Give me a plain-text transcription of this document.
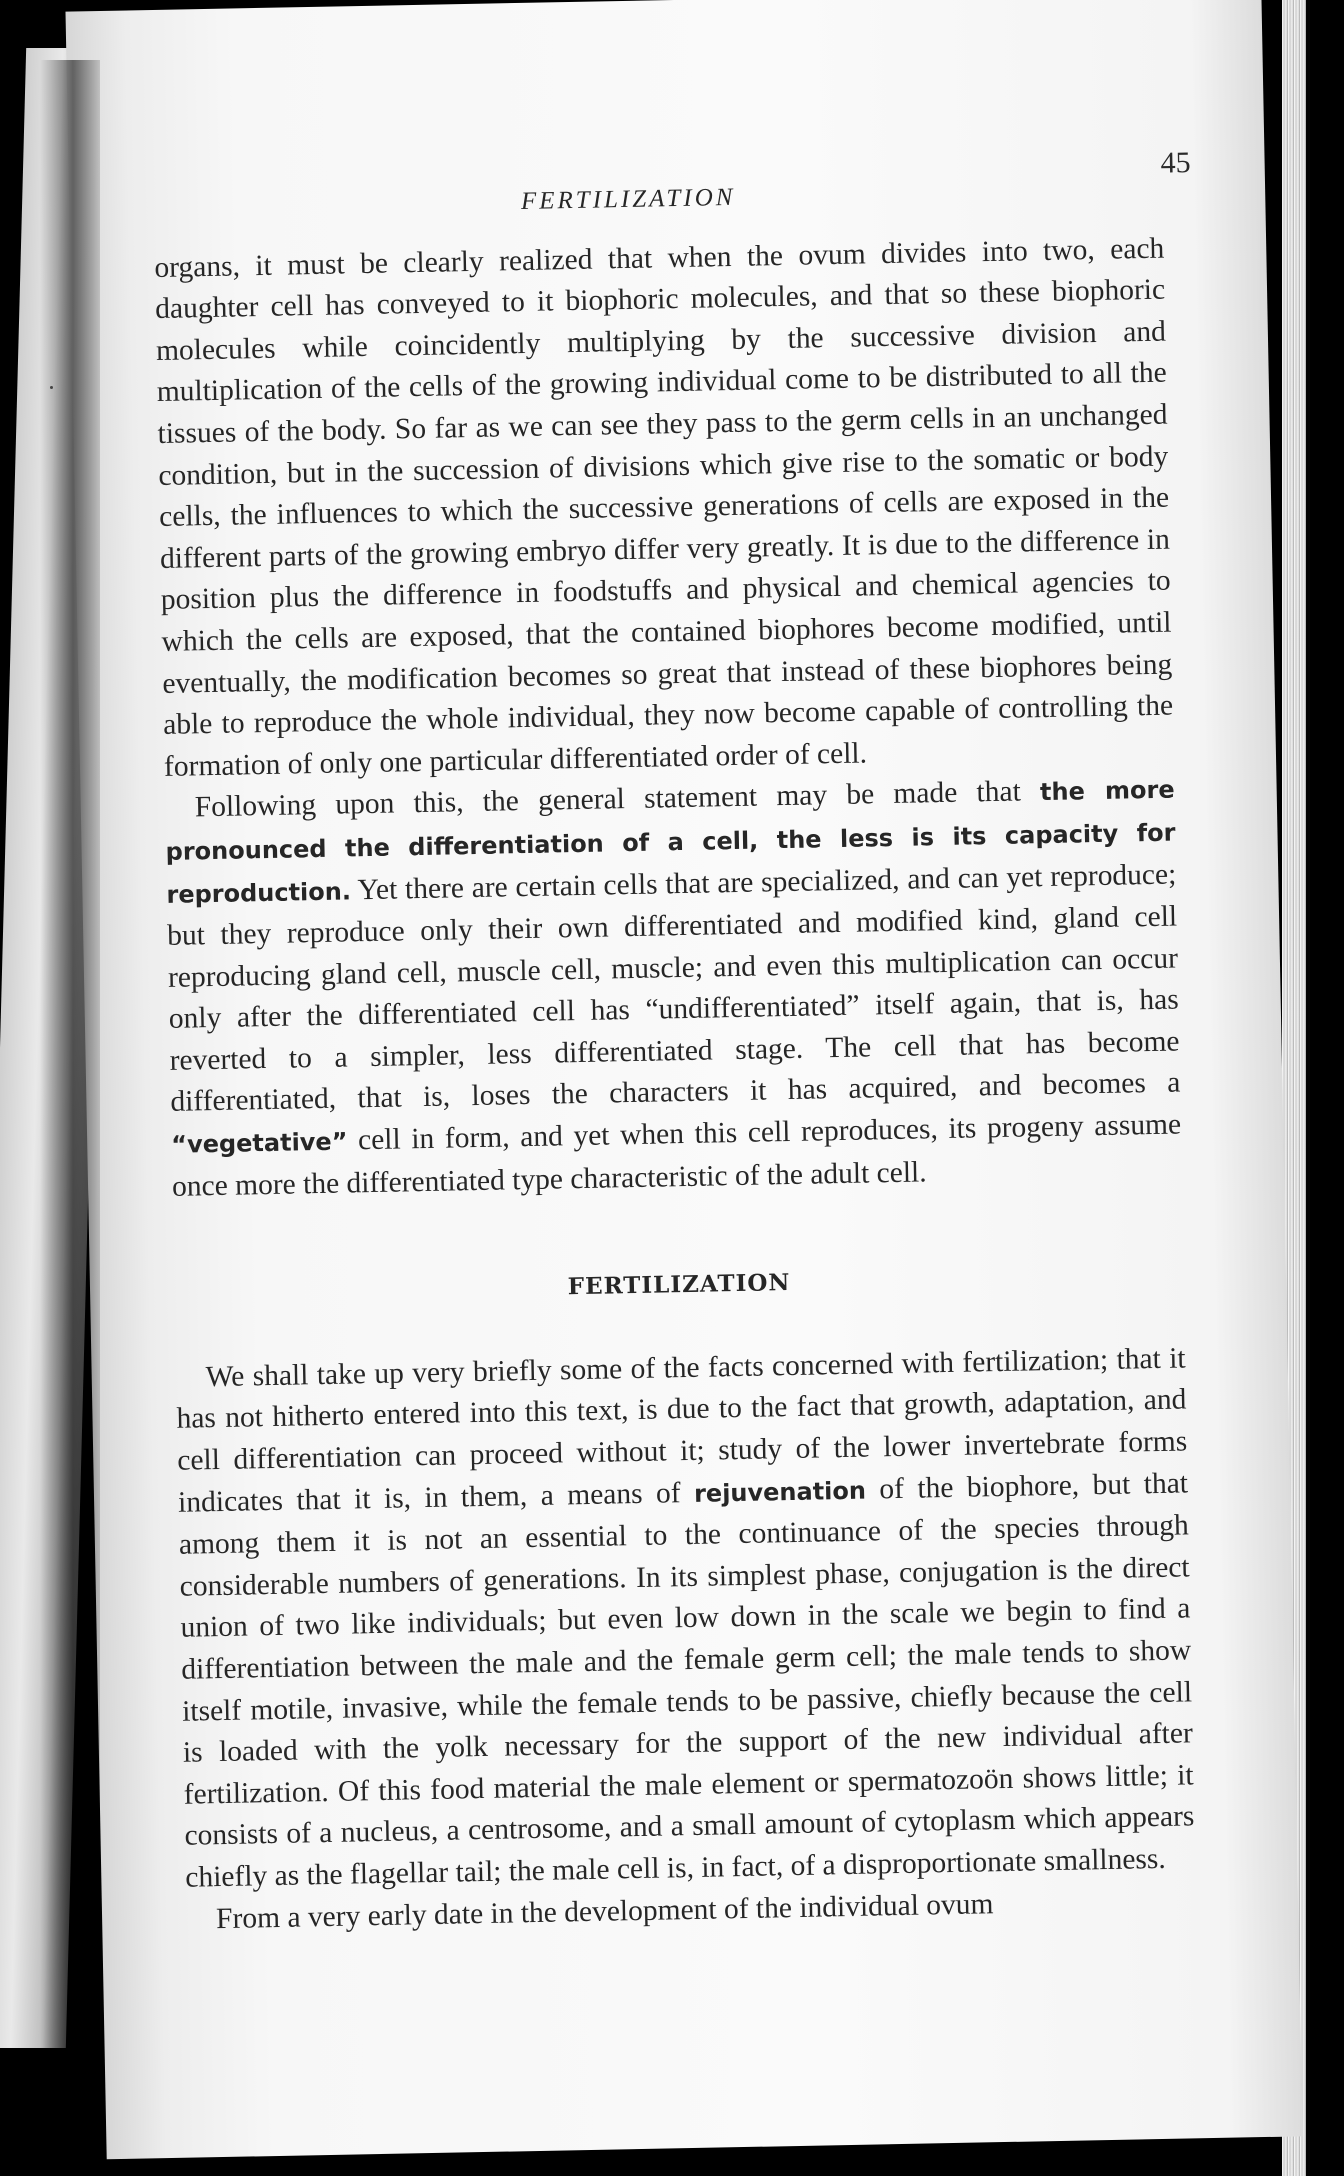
45
FERTILIZATION

organs, it must be clearly realized that when the ovum divides into two, each daughter cell has conveyed to it biophoric molecules, and that so these biophoric molecules while coincidently multiplying by the successive division and multiplication of the cells of the growing individual come to be distributed to all the tissues of the body. So far as we can see they pass to the germ cells in an unchanged condition, but in the succession of divisions which give rise to the somatic or body cells, the influences to which the successive generations of cells are exposed in the different parts of the growing embryo differ very greatly. It is due to the difference in position plus the difference in foodstuffs and physical and chemical agencies to which the cells are exposed, that the contained biophores become modified, until eventually, the modification becomes so great that instead of these biophores being able to reproduce the whole individual, they now become capable of controlling the formation of only one particular differentiated order of cell.

Following upon this, the general statement may be made that the more pronounced the differentiation of a cell, the less is its capacity for reproduction. Yet there are certain cells that are specialized, and can yet reproduce; but they reproduce only their own differentiated and modified kind, gland cell reproducing gland cell, muscle cell, muscle; and even this multiplication can occur only after the differentiated cell has “undifferentiated” itself again, that is, has reverted to a simpler, less differentiated stage. The cell that has become differentiated, that is, loses the characters it has acquired, and becomes a “vegetative” cell in form, and yet when this cell reproduces, its progeny assume once more the differentiated type characteristic of the adult cell.

FERTILIZATION

We shall take up very briefly some of the facts concerned with fertilization; that it has not hitherto entered into this text, is due to the fact that growth, adaptation, and cell differentiation can proceed without it; study of the lower invertebrate forms indicates that it is, in them, a means of rejuvenation of the biophore, but that among them it is not an essential to the continuance of the species through considerable numbers of generations. In its simplest phase, conjugation is the direct union of two like individuals; but even low down in the scale we begin to find a differentiation between the male and the female germ cell; the male tends to show itself motile, invasive, while the female tends to be passive, chiefly because the cell is loaded with the yolk necessary for the support of the new individual after fertilization. Of this food material the male element or spermatozoön shows little; it consists of a nucleus, a centrosome, and a small amount of cytoplasm which appears chiefly as the flagellar tail; the male cell is, in fact, of a disproportionate smallness.

From a very early date in the development of the individual ovum
